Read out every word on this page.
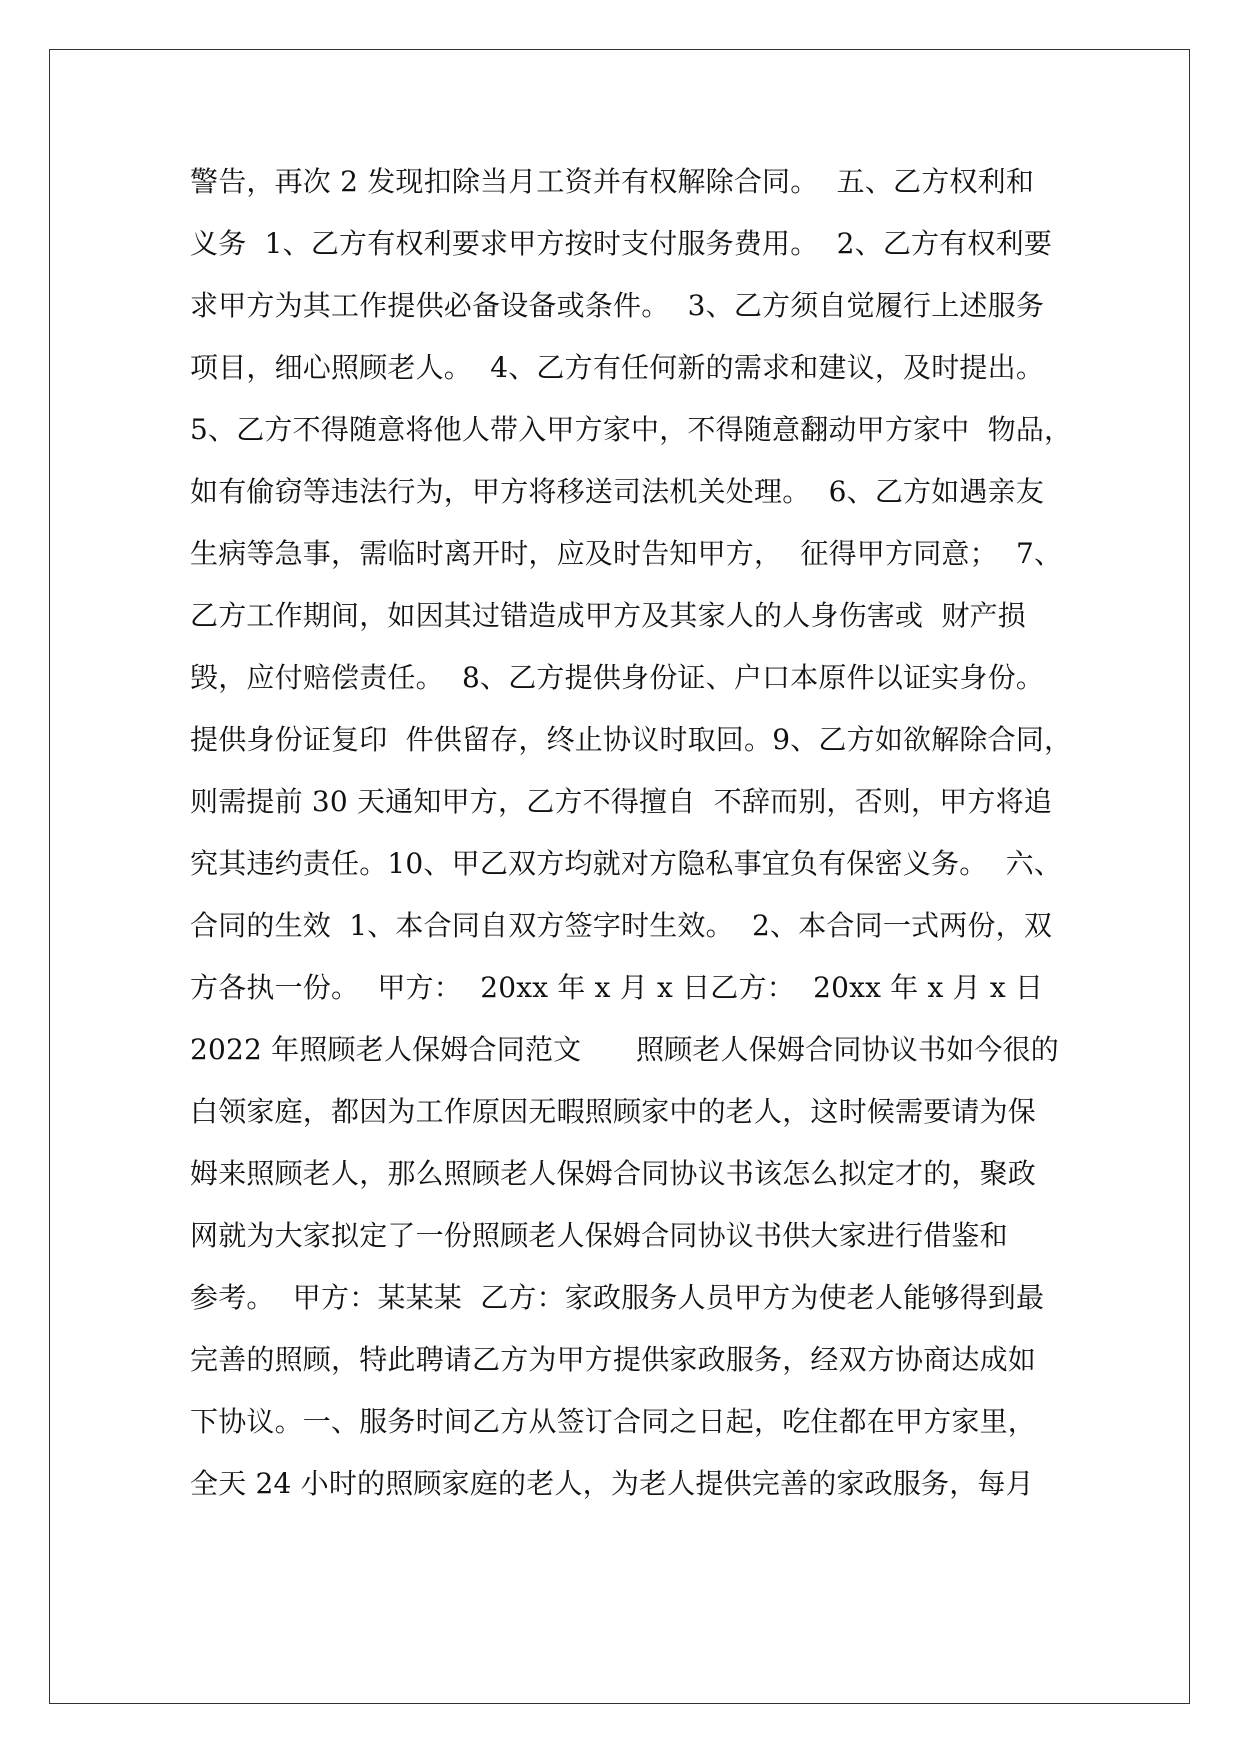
警告，再次 2 发现扣除当月工资并有权解除合同。  五、乙方权利和
义务  1、乙方有权利要求甲方按时支付服务费用。  2、乙方有权利要
求甲方为其工作提供必备设备或条件。  3、乙方须自觉履行上述服务
项目，细心照顾老人。  4、乙方有任何新的需求和建议，及时提出。
5、乙方不得随意将他人带入甲方家中，不得随意翻动甲方家中  物品，
如有偷窃等违法行为，甲方将移送司法机关处理。  6、乙方如遇亲友
生病等急事，需临时离开时，应及时告知甲方，  征得甲方同意；  7、
乙方工作期间，如因其过错造成甲方及其家人的人身伤害或  财产损
毁，应付赔偿责任。  8、乙方提供身份证、户口本原件以证实身份。
提供身份证复印  件供留存，终止协议时取回。9、乙方如欲解除合同，
则需提前 30 天通知甲方，乙方不得擅自  不辞而别，否则，甲方将追
究其违约责任。10、甲乙双方均就对方隐私事宜负有保密义务。  六、
合同的生效  1、本合同自双方签字时生效。  2、本合同一式两份，双
方各执一份。  甲方：  20xx 年 x 月 x 日乙方：  20xx 年 x 月 x 日
2022 年照顾老人保姆合同范文      照顾老人保姆合同协议书如今很的
白领家庭，都因为工作原因无暇照顾家中的老人，这时候需要请为保
姆来照顾老人，那么照顾老人保姆合同协议书该怎么拟定才的，聚政
网就为大家拟定了一份照顾老人保姆合同协议书供大家进行借鉴和
参考。  甲方：某某某  乙方：家政服务人员甲方为使老人能够得到最
完善的照顾，特此聘请乙方为甲方提供家政服务，经双方协商达成如
下协议。一、服务时间乙方从签订合同之日起，吃住都在甲方家里，
全天 24 小时的照顾家庭的老人，为老人提供完善的家政服务，每月
